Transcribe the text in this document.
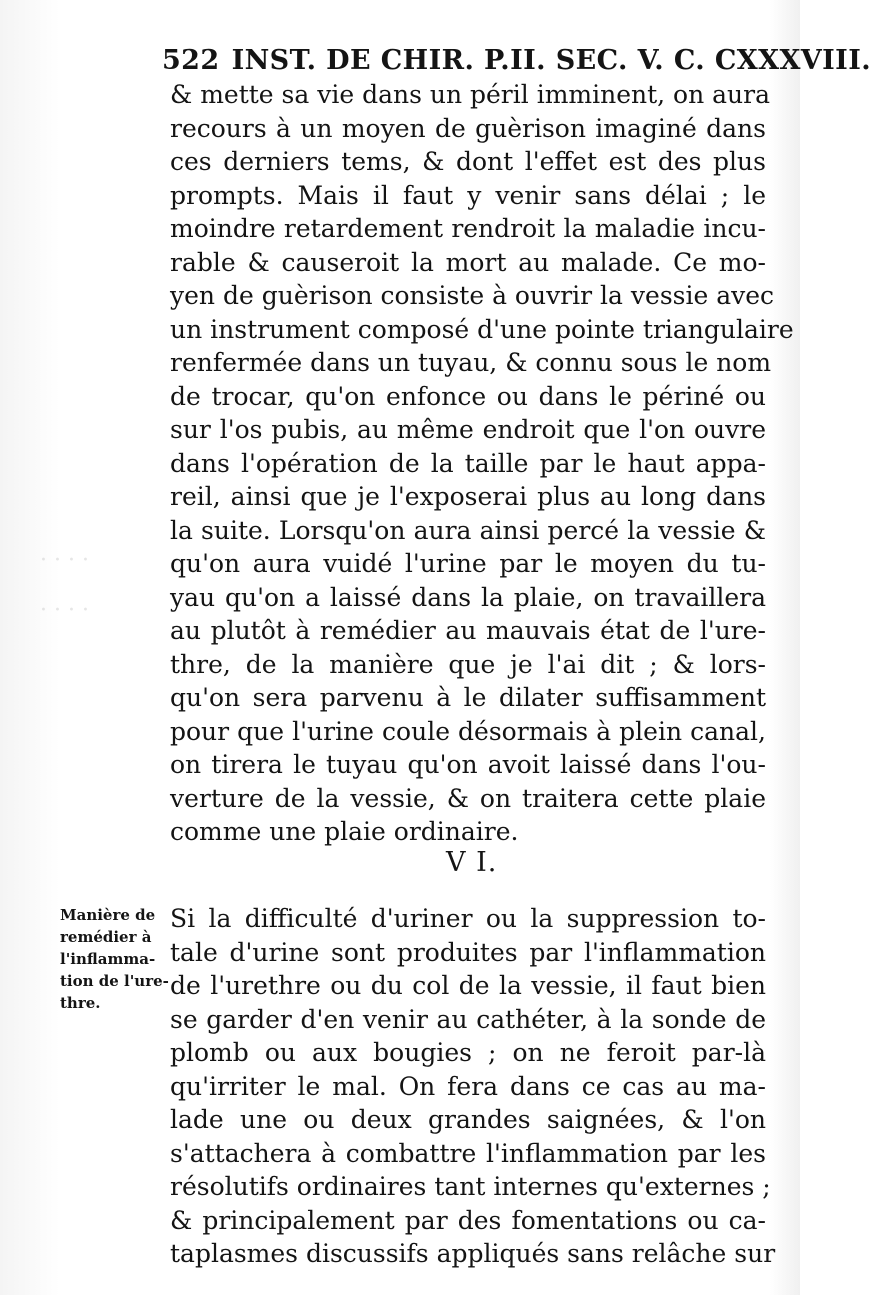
· · · ·
· · · ·
522 INST. DE CHIR. P.II. SEC. V. C. CXXXVIII.
& mette sa vie dans un péril imminent, on aura
recours à un moyen de guèrison imaginé dans
ces derniers tems, & dont l'effet est des plus
prompts. Mais il faut y venir sans délai ; le
moindre retardement rendroit la maladie incu-
rable & causeroit la mort au malade. Ce mo-
yen de guèrison consiste à ouvrir la vessie avec
un instrument composé d'une pointe triangulaire
renfermée dans un tuyau, & connu sous le nom
de trocar, qu'on enfonce ou dans le périné ou
sur l'os pubis, au même endroit que l'on ouvre
dans l'opération de la taille par le haut appa-
reil, ainsi que je l'exposerai plus au long dans
la suite. Lorsqu'on aura ainsi percé la vessie &
qu'on aura vuidé l'urine par le moyen du tu-
yau qu'on a laissé dans la plaie, on travaillera
au plutôt à remédier au mauvais état de l'ure-
thre, de la manière que je l'ai dit ; & lors-
qu'on sera parvenu à le dilater suffisamment
pour que l'urine coule désormais à plein canal,
on tirera le tuyau qu'on avoit laissé dans l'ou-
verture de la vessie, & on traitera cette plaie
comme une plaie ordinaire.
V I.
Manière de
remédier à
l'inflamma-
tion de l'ure-
thre.
Si la difficulté d'uriner ou la suppression to-
tale d'urine sont produites par l'inflammation
de l'urethre ou du col de la vessie, il faut bien
se garder d'en venir au cathéter, à la sonde de
plomb ou aux bougies ; on ne feroit par-là
qu'irriter le mal. On fera dans ce cas au ma-
lade une ou deux grandes saignées, & l'on
s'attachera à combattre l'inflammation par les
résolutifs ordinaires tant internes qu'externes ;
& principalement par des fomentations ou ca-
taplasmes discussifs appliqués sans relâche sur
